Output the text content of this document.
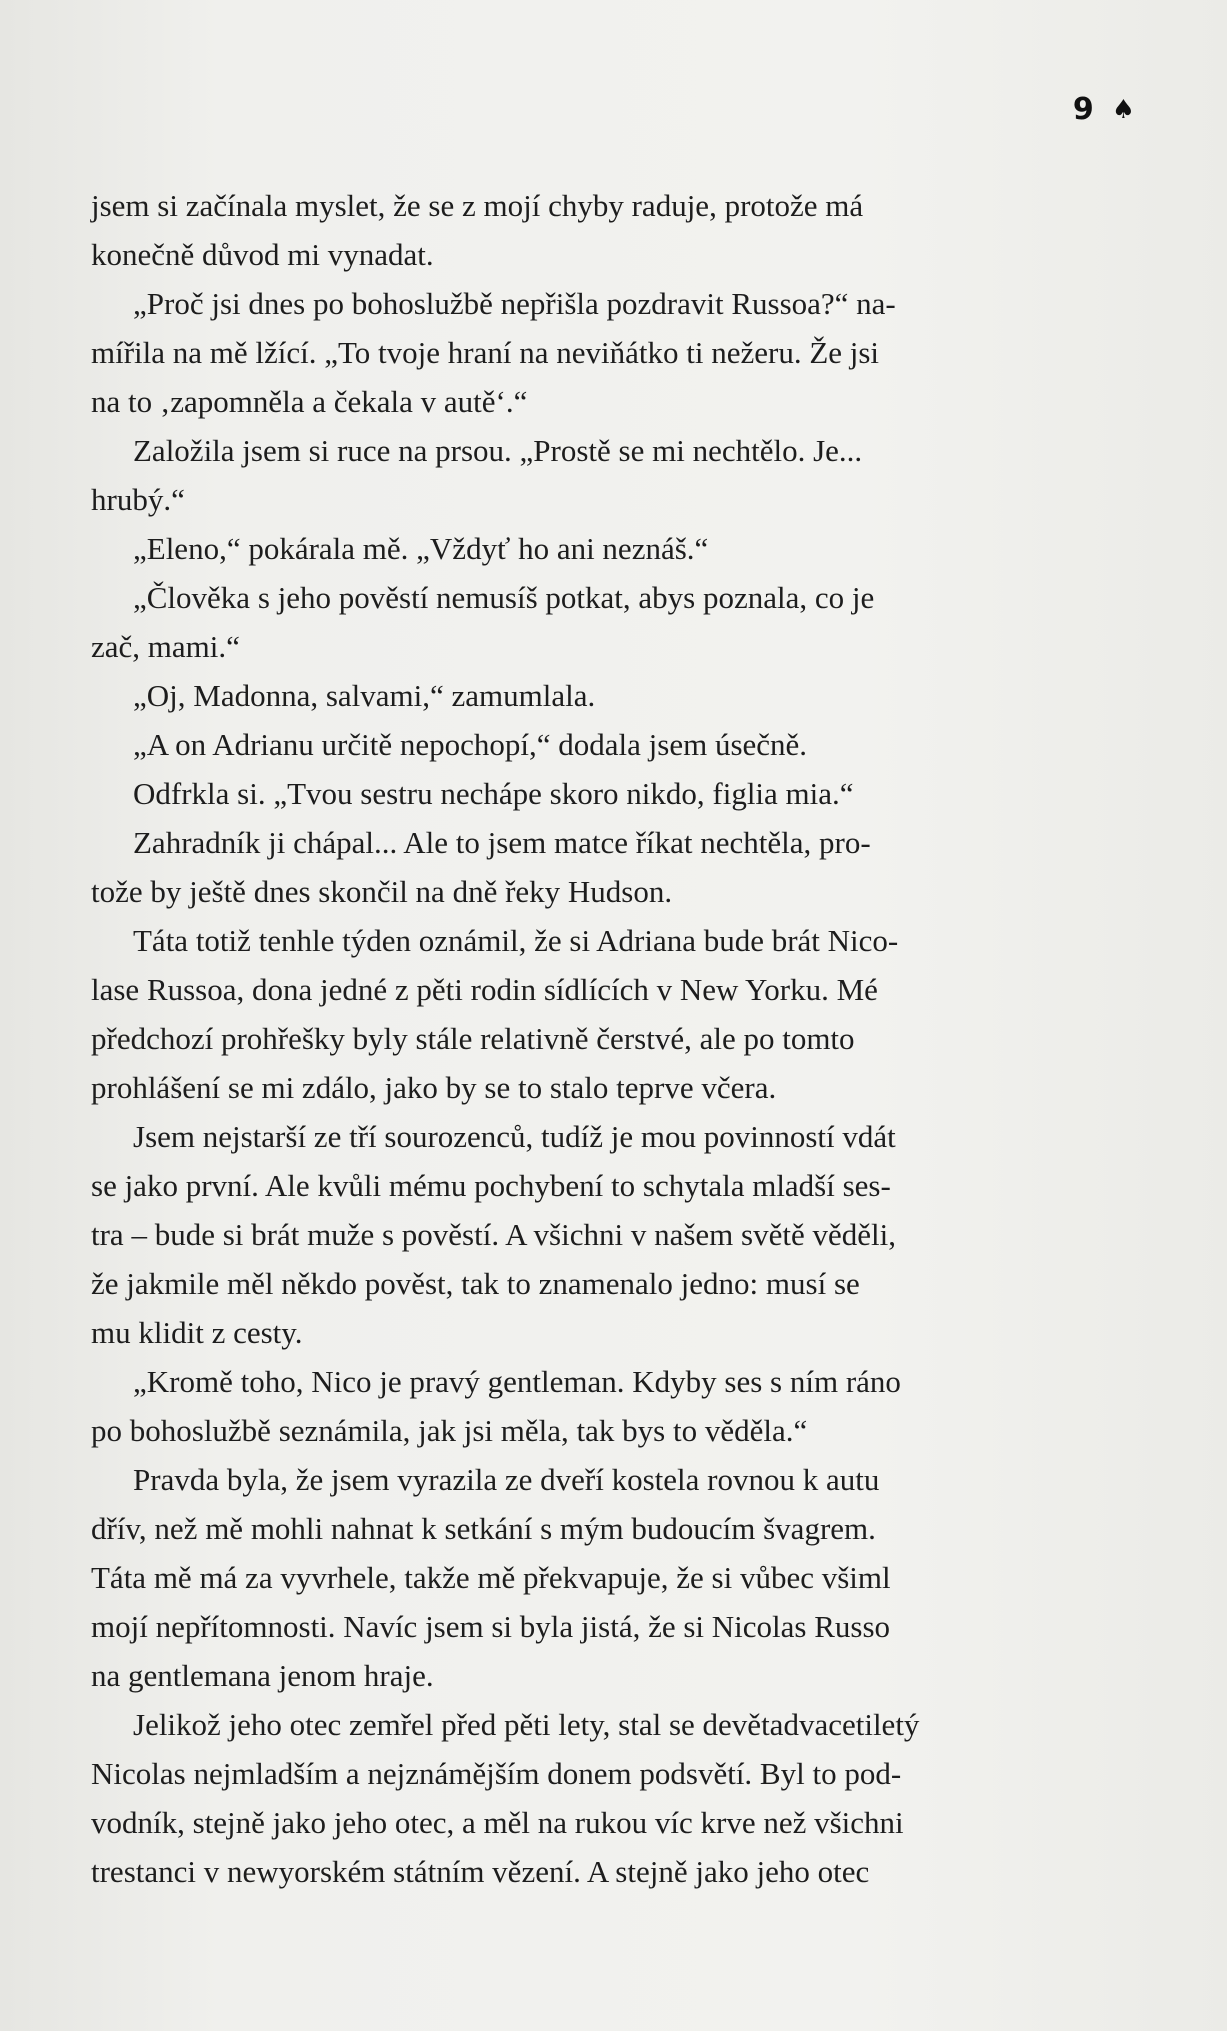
9 ♠

jsem si začínala myslet, že se z mojí chyby raduje, protože má
konečně důvod mi vynadat.

„Proč jsi dnes po bohoslužbě nepřišla pozdravit Russoa?“ na-
mířila na mě lžící. „To tvoje hraní na neviňátko ti nežeru. Že jsi
na to ‚zapomněla a čekala v autě‘.“

Založila jsem si ruce na prsou. „Prostě se mi nechtělo. Je...
hrubý.“

„Eleno,“ pokárala mě. „Vždyť ho ani neznáš.“

„Člověka s jeho pověstí nemusíš potkat, abys poznala, co je
zač, mami.“

„Oj, Madonna, salvami,“ zamumlala.

„A on Adrianu určitě nepochopí,“ dodala jsem úsečně.

Odfrkla si. „Tvou sestru nechápe skoro nikdo, figlia mia.“

Zahradník ji chápal... Ale to jsem matce říkat nechtěla, pro-
tože by ještě dnes skončil na dně řeky Hudson.

Táta totiž tenhle týden oznámil, že si Adriana bude brát Nico-
lase Russoa, dona jedné z pěti rodin sídlících v New Yorku. Mé
předchozí prohřešky byly stále relativně čerstvé, ale po tomto
prohlášení se mi zdálo, jako by se to stalo teprve včera.

Jsem nejstarší ze tří sourozenců, tudíž je mou povinností vdát
se jako první. Ale kvůli mému pochybení to schytala mladší ses-
tra – bude si brát muže s pověstí. A všichni v našem světě věděli,
že jakmile měl někdo pověst, tak to znamenalo jedno: musí se
mu klidit z cesty.

„Kromě toho, Nico je pravý gentleman. Kdyby ses s ním ráno
po bohoslužbě seznámila, jak jsi měla, tak bys to věděla.“

Pravda byla, že jsem vyrazila ze dveří kostela rovnou k autu
dřív, než mě mohli nahnat k setkání s mým budoucím švagrem.
Táta mě má za vyvrhele, takže mě překvapuje, že si vůbec všiml
mojí nepřítomnosti. Navíc jsem si byla jistá, že si Nicolas Russo
na gentlemana jenom hraje.

Jelikož jeho otec zemřel před pěti lety, stal se devětadvacetiletý
Nicolas nejmladším a nejznámějším donem podsvětí. Byl to pod-
vodník, stejně jako jeho otec, a měl na rukou víc krve než všichni
trestanci v newyorském státním vězení. A stejně jako jeho otec
